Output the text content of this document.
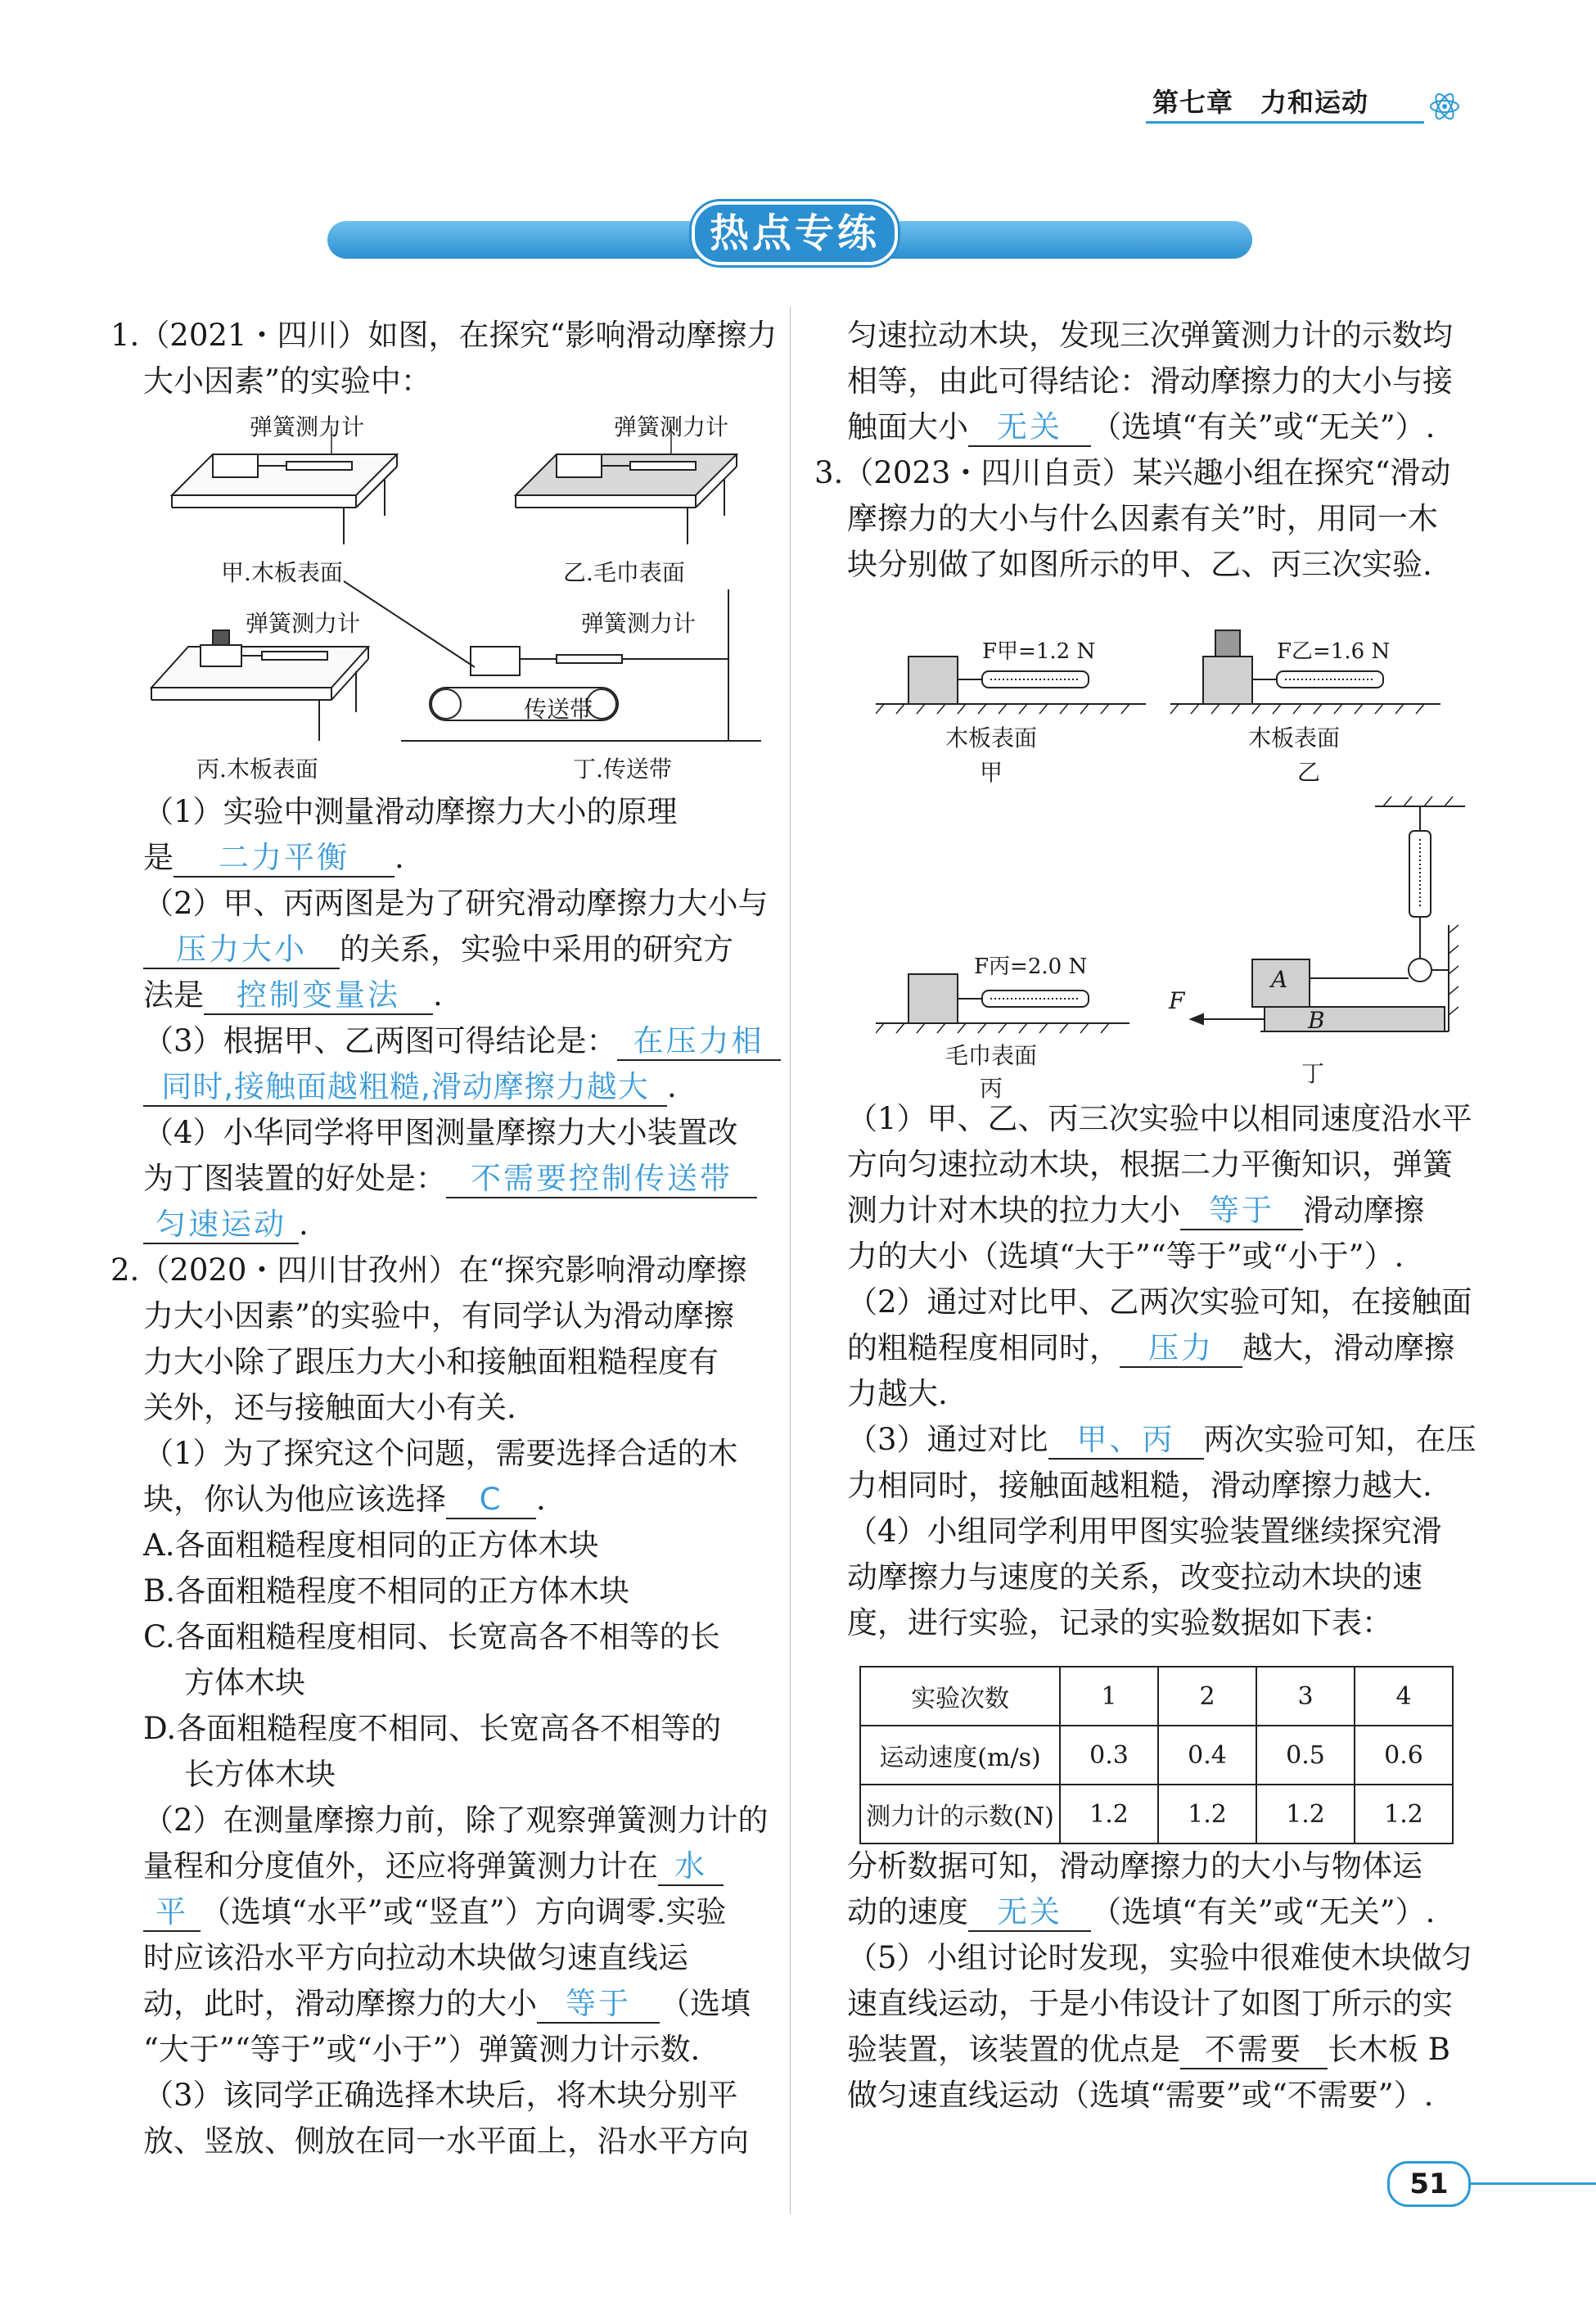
第七章　力和运动
热点专练
1.（2021・四川）如图，在探究“影响滑动摩擦力
大小因素”的实验中：
弹簧测力计	弹簧测力计
弹簧测力计	弹簧测力计
甲.木板表面	乙.毛巾表面
丙.木板表面	丁.传送带
传送带
（1）实验中测量滑动摩擦力大小的原理
是 二力平衡 .
（2）甲、丙两图是为了研究滑动摩擦力大小与
压力大小 的关系，实验中采用的研究方
法是 控制变量法 .
（3）根据甲、乙两图可得结论是： 在压力相
同时,接触面越粗糙,滑动摩擦力越大 .
（4）小华同学将甲图测量摩擦力大小装置改
为丁图装置的好处是： 不需要控制传送带
匀速运动 .
2.（2020・四川甘孜州）在“探究影响滑动摩擦
力大小因素”的实验中，有同学认为滑动摩擦
力大小除了跟压力大小和接触面粗糙程度有
关外，还与接触面大小有关.
（1）为了探究这个问题，需要选择合适的木
块，你认为他应该选择 C .
A.各面粗糙程度相同的正方体木块
B.各面粗糙程度不相同的正方体木块
C.各面粗糙程度相同、长宽高各不相等的长
方体木块
D.各面粗糙程度不相同、长宽高各不相等的
长方体木块
（2）在测量摩擦力前，除了观察弹簧测力计的
量程和分度值外，还应将弹簧测力计在 水
平 （选填“水平”或“竖直”）方向调零.实验
时应该沿水平方向拉动木块做匀速直线运
动，此时，滑动摩擦力的大小 等于 （选填
“大于”“等于”或“小于”）弹簧测力计示数.
（3）该同学正确选择木块后，将木块分别平
放、竖放、侧放在同一水平面上，沿水平方向
匀速拉动木块，发现三次弹簧测力计的示数均
相等，由此可得结论：滑动摩擦力的大小与接
触面大小 无关 （选填“有关”或“无关”）.
3.（2023・四川自贡）某兴趣小组在探究“滑动
摩擦力的大小与什么因素有关”时，用同一木
块分别做了如图所示的甲、乙、丙三次实验.
F甲=1.2 N	F乙=1.6 N
F丙=2.0 N
木板表面	木板表面
毛巾表面
甲	乙
丙
丁
F
A
B
（1）甲、乙、丙三次实验中以相同速度沿水平
方向匀速拉动木块，根据二力平衡知识，弹簧
测力计对木块的拉力大小 等于 滑动摩擦
力的大小（选填“大于”“等于”或“小于”）.
（2）通过对比甲、乙两次实验可知，在接触面
的粗糙程度相同时， 压力 越大，滑动摩擦
力越大.
（3）通过对比 甲、丙 两次实验可知，在压
力相同时，接触面越粗糙，滑动摩擦力越大.
（4）小组同学利用甲图实验装置继续探究滑
动摩擦力与速度的关系，改变拉动木块的速
度，进行实验，记录的实验数据如下表：
实验次数	1	2	3	4
运动速度(m/s)	0.3	0.4	0.5	0.6
测力计的示数(N)	1.2	1.2	1.2	1.2
分析数据可知，滑动摩擦力的大小与物体运
动的速度 无关 （选填“有关”或“无关”）.
（5）小组讨论时发现，实验中很难使木块做匀
速直线运动，于是小伟设计了如图丁所示的实
验装置，该装置的优点是 不需要 长木板 B
做匀速直线运动（选填“需要”或“不需要”）.
51
